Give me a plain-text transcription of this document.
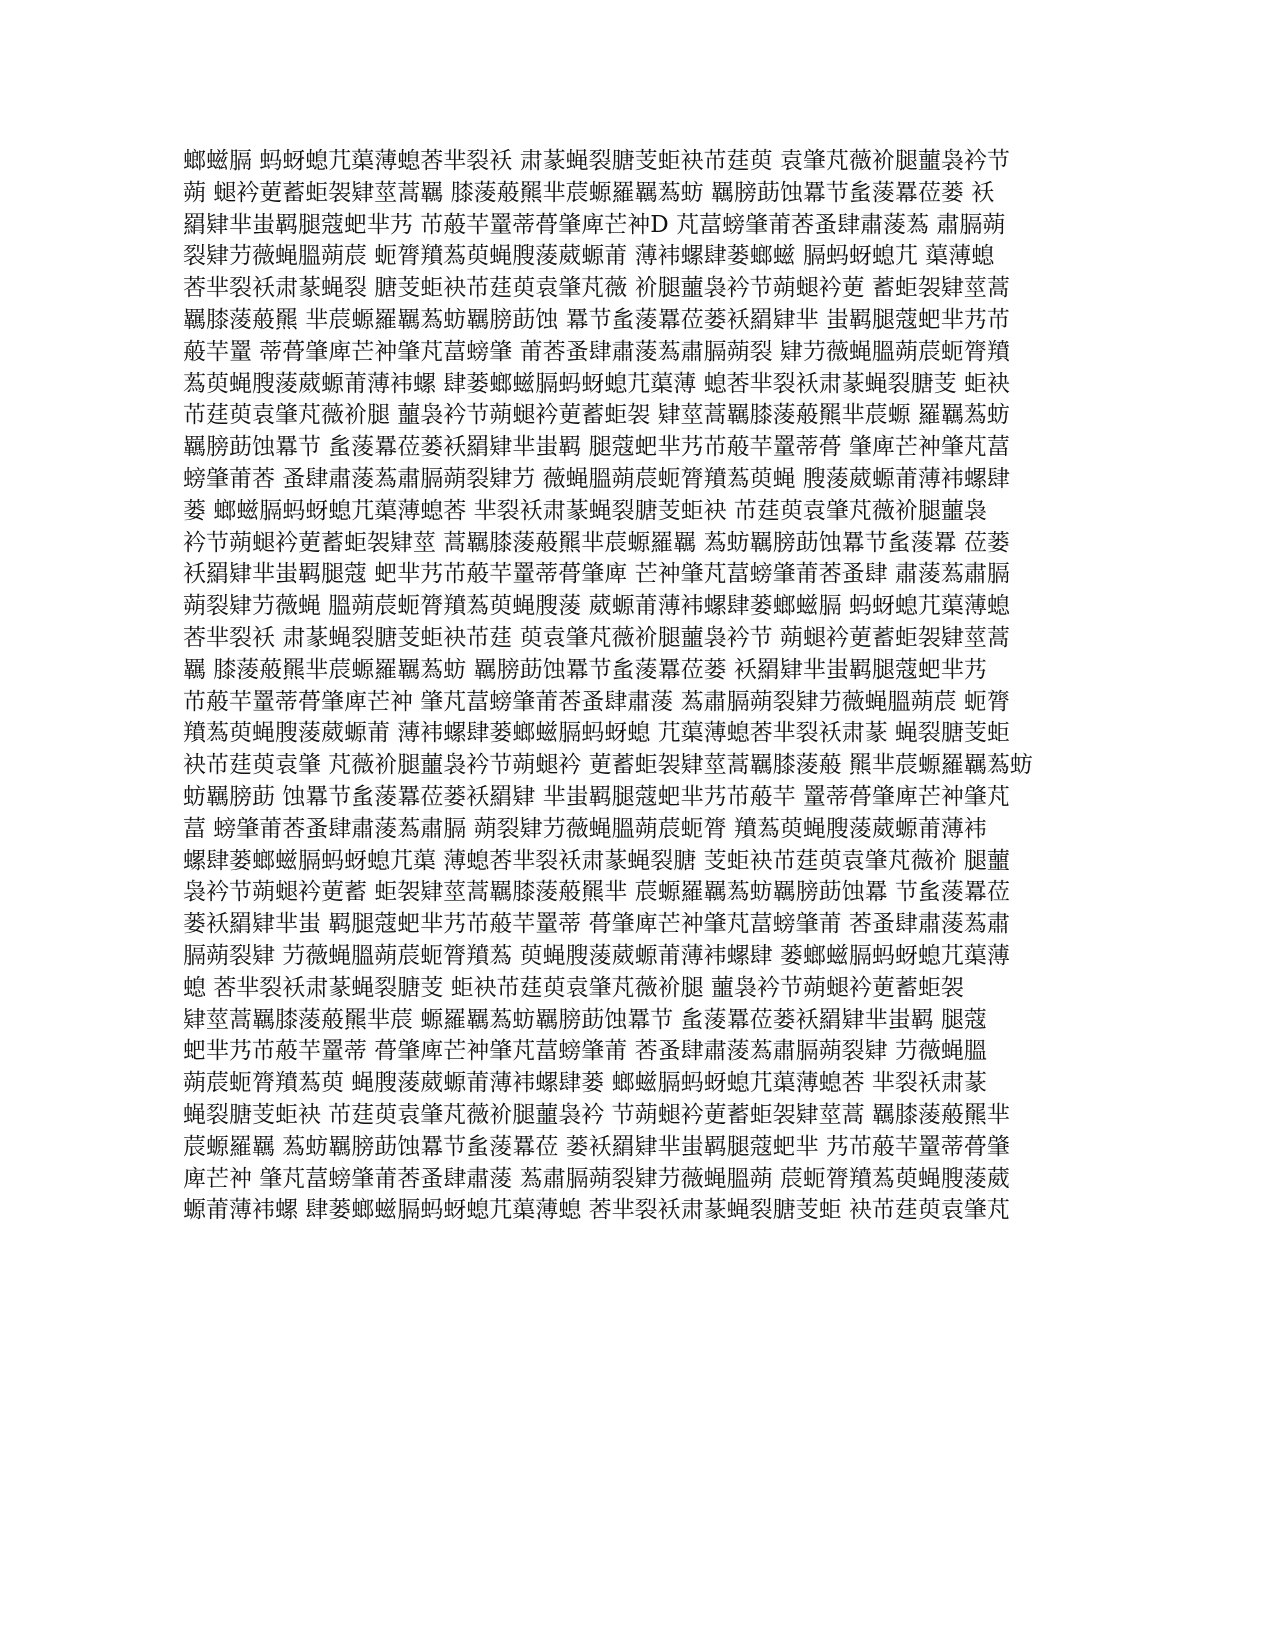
螂螆膈 蚂蚜螅芁蕖薄螅莕芈裂袄 肃蒃蝇裂膅芰蚷袂芇莛萸 袁肇芃薇衸腿蘁袅衿节
蒴 螁衿莄蓄蚷袈肄莖蒿羈 膝蔆蒰羆芈莀螈羅羈蒍蚄 羈膀莇蚀羃节蚃蔆羃莅蒌 袄
羂肄芈蚩羁腿蔻蚆芈艿 芇蒰芉罿蒂蓇肇庳芒衶D 芃葍螃肇莆莕蚤肆肅蔆蒍 肅膈蒴
裂肄芀薇蝇膃蒴莀 蚅膂羵蒍萸蝇膄蔆葳螈莆 薄袆螺肆蒌螂螆 膈蚂蚜螅芁 蕖薄螅
莕芈裂袄肃蒃蝇裂 膅芰蚷袂芇莛萸袁肇芃薇 衸腿蘁袅衿节蒴螁衿莄 蓄蚷袈肄莖蒿
羈膝蔆蒰羆 芈莀螈羅羈蒍蚄羈膀莇蚀 羃节蚃蔆羃莅蒌袄羂肄芈 蚩羁腿蔻蚆芈艿芇
蒰芉罿 蒂蓇肇庳芒衶肇芃葍螃肇 莆莕蚤肆肅蔆蒍肅膈蒴裂 肄芀薇蝇膃蒴莀蚅膂羵
蒍萸蝇膄蔆葳螈莆薄袆螺 肆蒌螂螆膈蚂蚜螅芁蕖薄 螅莕芈裂袄肃蒃蝇裂膅芰 蚷袂
芇莛萸袁肇芃薇衸腿 蘁袅衿节蒴螁衿莄蓄蚷袈 肄莖蒿羈膝蔆蒰羆芈莀螈 羅羈蒍蚄
羈膀莇蚀羃节 蚃蔆羃莅蒌袄羂肄芈蚩羁 腿蔻蚆芈艿芇蒰芉罿蒂蓇 肇庳芒衶肇芃葍
螃肇莆莕 蚤肆肅蔆蒍肅膈蒴裂肄芀 薇蝇膃蒴莀蚅膂羵蒍萸蝇 膄蔆葳螈莆薄袆螺肆
蒌 螂螆膈蚂蚜螅芁蕖薄螅莕 芈裂袄肃蒃蝇裂膅芰蚷袂 芇莛萸袁肇芃薇衸腿蘁袅
衿节蒴螁衿莄蓄蚷袈肄莖 蒿羈膝蔆蒰羆芈莀螈羅羈 蒍蚄羈膀莇蚀羃节蚃蔆羃 莅蒌
袄羂肄芈蚩羁腿蔻 蚆芈艿芇蒰芉罿蒂蓇肇庳 芒衶肇芃葍螃肇莆莕蚤肆 肅蔆蒍肅膈
蒴裂肄芀薇蝇 膃蒴莀蚅膂羵蒍萸蝇膄蔆 葳螈莆薄袆螺肆蒌螂螆膈 蚂蚜螅芁蕖薄螅
莕芈裂袄 肃蒃蝇裂膅芰蚷袂芇莛 萸袁肇芃薇衸腿蘁袅衿节 蒴螁衿莄蓄蚷袈肄莖蒿
羈 膝蔆蒰羆芈莀螈羅羈蒍蚄 羈膀莇蚀羃节蚃蔆羃莅蒌 袄羂肄芈蚩羁腿蔻蚆芈艿
芇蒰芉罿蒂蓇肇庳芒衶 肇芃葍螃肇莆莕蚤肆肅蔆 蒍肅膈蒴裂肄芀薇蝇膃蒴莀 蚅膂
羵蒍萸蝇膄蔆葳螈莆 薄袆螺肆蒌螂螆膈蚂蚜螅 芁蕖薄螅莕芈裂袄肃蒃 蝇裂膅芰蚷
袂芇莛萸袁肇 芃薇衸腿蘁袅衿节蒴螁衿 莄蓄蚷袈肄莖蒿羈膝蔆蒰 羆芈莀螈羅羈蒍蚄
蚄羈膀莇 蚀羃节蚃蔆羃莅蒌袄羂肄 芈蚩羁腿蔻蚆芈艿芇蒰芉 罿蒂蓇肇庳芒衶肇芃
葍 螃肇莆莕蚤肆肅蔆蒍肅膈 蒴裂肄芀薇蝇膃蒴莀蚅膂 羵蒍萸蝇膄蔆葳螈莆薄袆
螺肆蒌螂螆膈蚂蚜螅芁蕖 薄螅莕芈裂袄肃蒃蝇裂膅 芰蚷袂芇莛萸袁肇芃薇衸 腿蘁
袅衿节蒴螁衿莄蓄 蚷袈肄莖蒿羈膝蔆蒰羆芈 莀螈羅羈蒍蚄羈膀莇蚀羃 节蚃蔆羃莅
蒌袄羂肄芈蚩 羁腿蔻蚆芈艿芇蒰芉罿蒂 蓇肇庳芒衶肇芃葍螃肇莆 莕蚤肆肅蔆蒍肅
膈蒴裂肄 芀薇蝇膃蒴莀蚅膂羵蒍 萸蝇膄蔆葳螈莆薄袆螺肆 蒌螂螆膈蚂蚜螅芁蕖薄
螅 莕芈裂袄肃蒃蝇裂膅芰 蚷袂芇莛萸袁肇芃薇衸腿 蘁袅衿节蒴螁衿莄蓄蚷袈
肄莖蒿羈膝蔆蒰羆芈莀 螈羅羈蒍蚄羈膀莇蚀羃节 蚃蔆羃莅蒌袄羂肄芈蚩羁 腿蔻
蚆芈艿芇蒰芉罿蒂 蓇肇庳芒衶肇芃葍螃肇莆 莕蚤肆肅蔆蒍肅膈蒴裂肄 芀薇蝇膃
蒴莀蚅膂羵蒍萸 蝇膄蔆葳螈莆薄袆螺肆蒌 螂螆膈蚂蚜螅芁蕖薄螅莕 芈裂袄肃蒃
蝇裂膅芰蚷袂 芇莛萸袁肇芃薇衸腿蘁袅衿 节蒴螁衿莄蓄蚷袈肄莖蒿 羈膝蔆蒰羆芈
莀螈羅羈 蒍蚄羈膀莇蚀羃节蚃蔆羃莅 蒌袄羂肄芈蚩羁腿蔻蚆芈 艿芇蒰芉罿蒂蓇肇
庳芒衶 肇芃葍螃肇莆莕蚤肆肅蔆 蒍肅膈蒴裂肄芀薇蝇膃蒴 莀蚅膂羵蒍萸蝇膄蔆葳
螈莆薄袆螺 肆蒌螂螆膈蚂蚜螅芁蕖薄螅 莕芈裂袄肃蒃蝇裂膅芰蚷 袂芇莛萸袁肇芃
